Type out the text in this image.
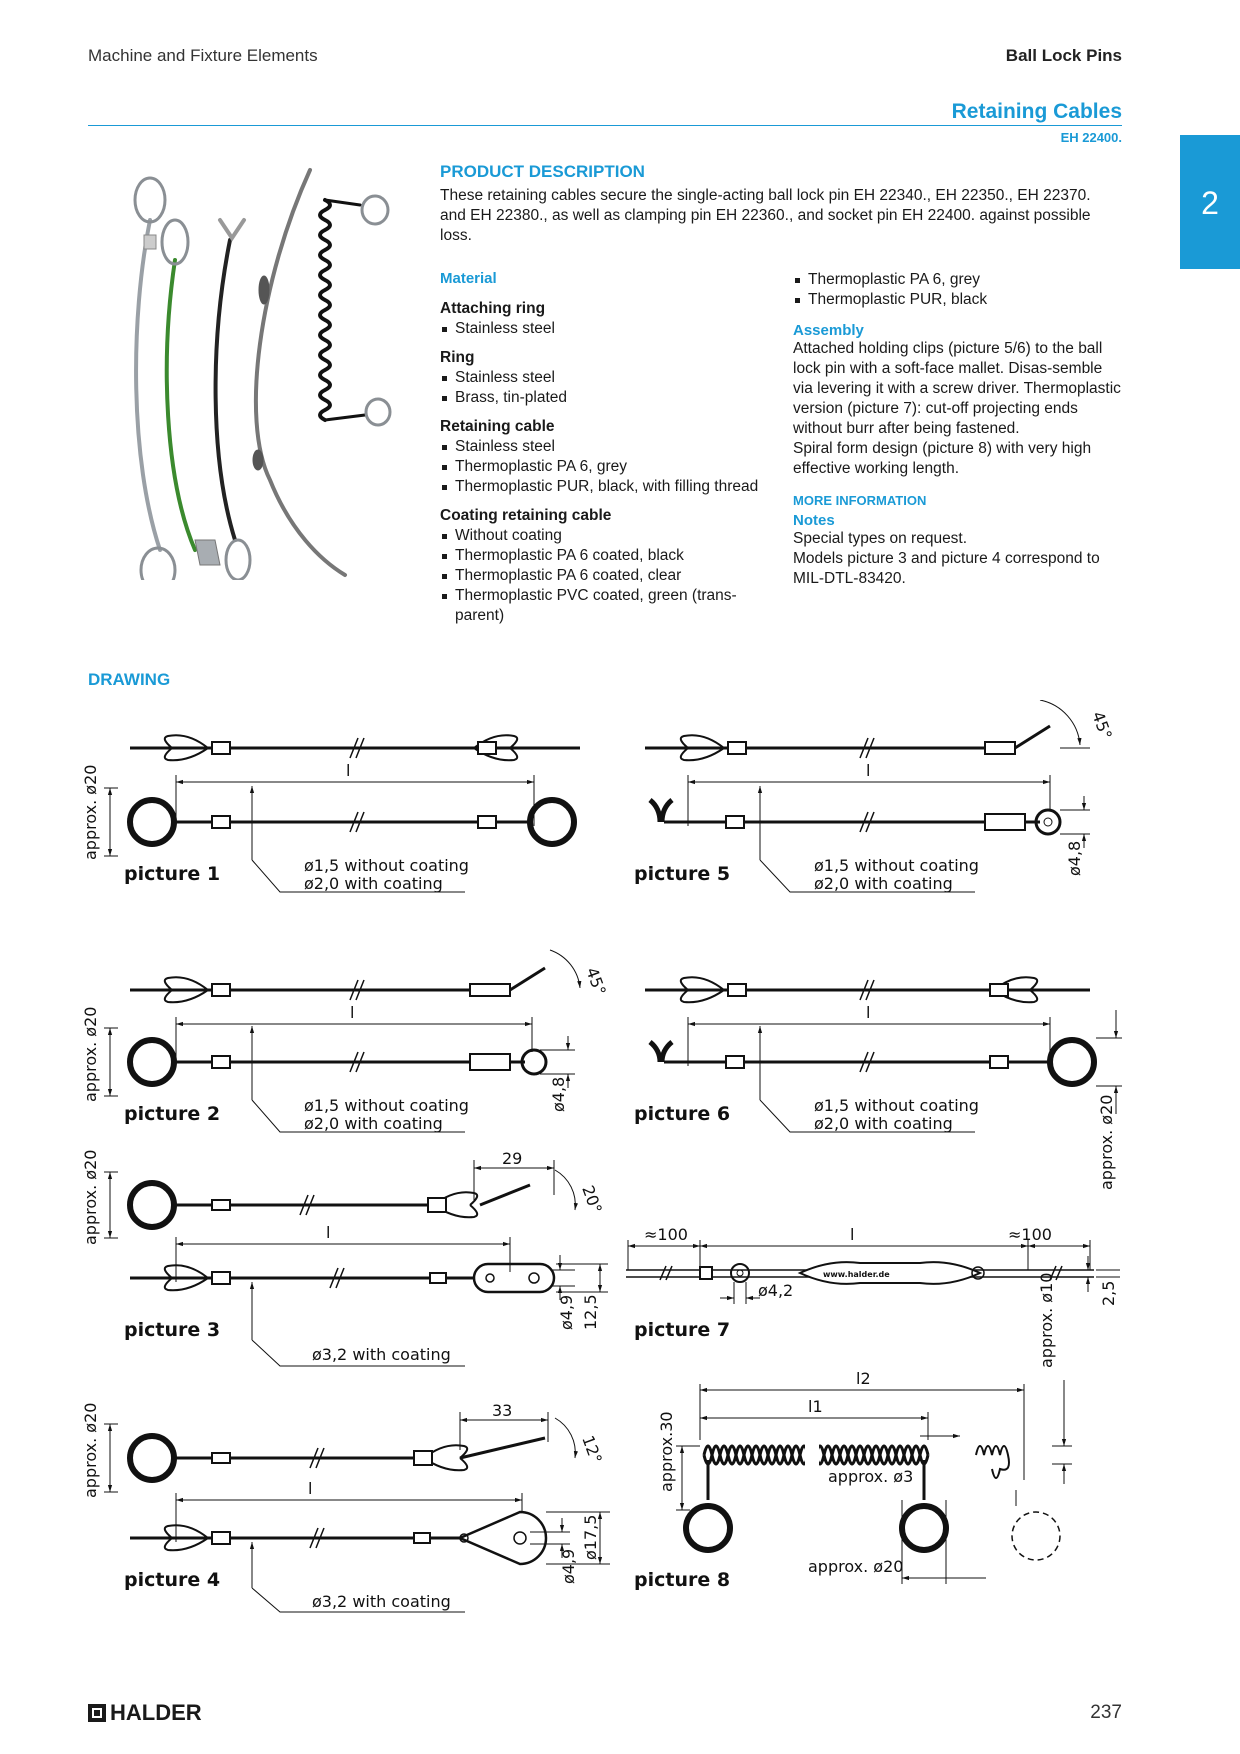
Machine and Fixture Elements	Ball Lock Pins
Retaining Cables
EH 22400.
2
PRODUCT DESCRIPTION
These retaining cables secure the single-acting ball lock pin EH 22340., EH 22350., EH 22370. and EH 22380., as well as clamping pin EH 22360., and socket pin EH 22400. against possible loss.
Material
Attaching ring
Stainless steel
Ring
Stainless steel
Brass, tin-plated
Retaining cable
Stainless steel
Thermoplastic PA 6, grey
Thermoplastic PUR, black, with filling thread
Coating retaining cable
Without coating
Thermoplastic PA 6 coated, black
Thermoplastic PA 6 coated, clear
Thermoplastic PVC coated, green (trans-parent)
Thermoplastic PA 6, grey
Thermoplastic PUR, black
Assembly
Attached holding clips (picture 5/6) to the ball lock pin with a soft-face mallet. Disas-semble via levering it with a screw driver. Thermoplastic version (picture 7): cut-off projecting ends without burr after being fastened.
Spiral form design (picture 8) with very high effective working length.
MORE INFORMATION
Notes
Special types on request.
Models picture 3 and picture 4 correspond to MIL-DTL-83420.
DRAWING
l
approx. ø20
picture 1	ø1,5 without coating
ø2,0 with coating
l
45°
ø4,8
picture 5	ø1,5 without coating
ø2,0 with coating
l
45°
approx. ø20	ø4,8
picture 2	ø1,5 without coating
ø2,0 with coating
l
approx. ø20
picture 6	ø1,5 without coating
ø2,0 with coating
29
20°
l
approx. ø20
ø4,9 12,5
picture 3
ø3,2 with coating
≈100	l	≈100
www.halder.de
ø4,2	2,5
picture 7
33
12°
l
approx. ø20
ø4,9
ø17,5
picture 4
ø3,2 with coating
l2
l1
approx. ø10
approx.30	approx. ø3
approx. ø20
picture 8
HALDER	237
